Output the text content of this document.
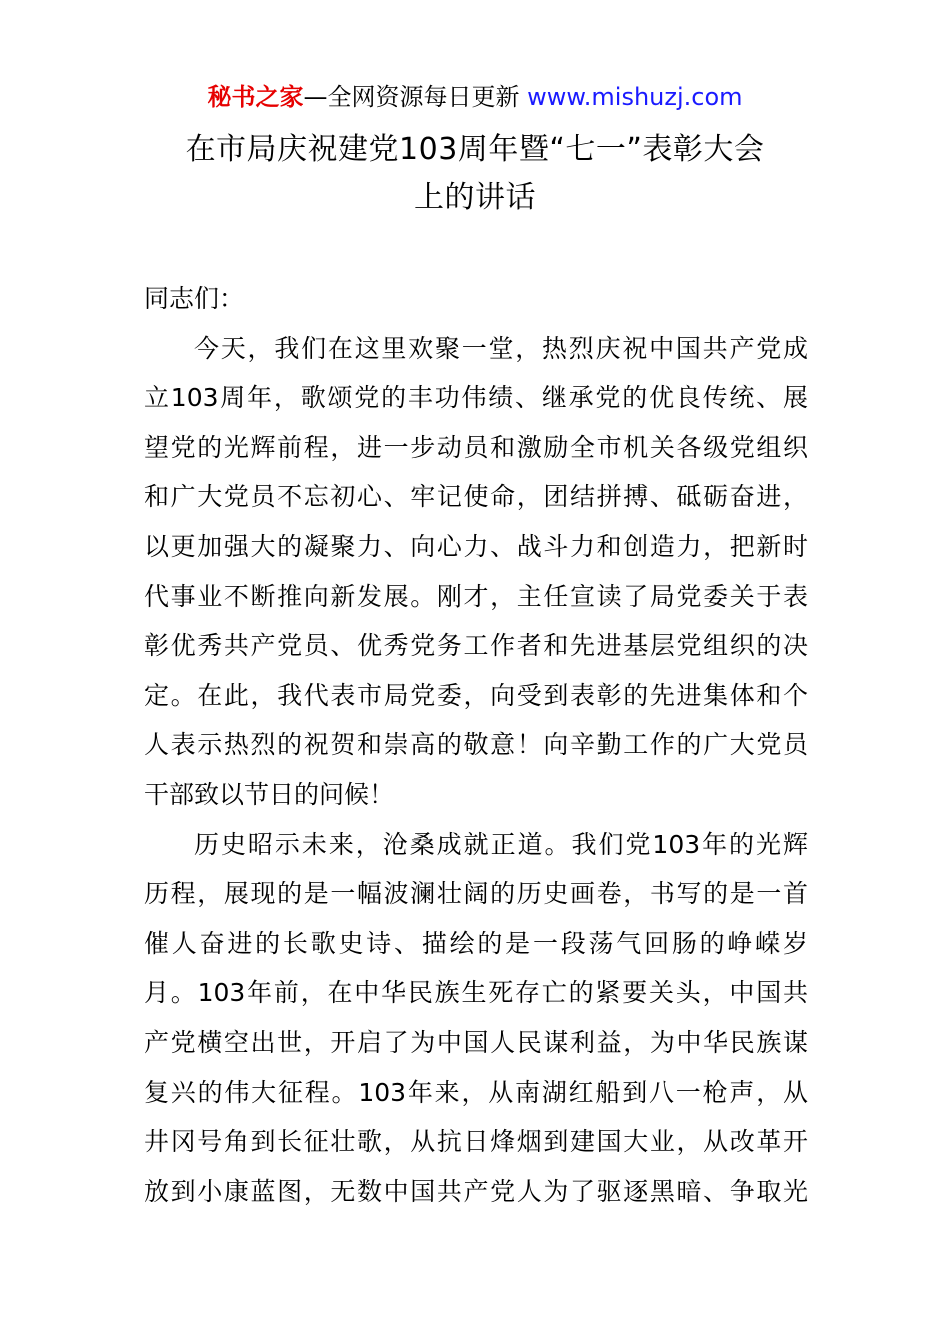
秘书之家—全网资源每日更新 www.mishuzj.com
在市局庆祝建党103周年暨“七一”表彰大会
上的讲话
同志们：
今天，我们在这里欢聚一堂，热烈庆祝中国共产党成
立103周年，歌颂党的丰功伟绩、继承党的优良传统、展
望党的光辉前程，进一步动员和激励全市机关各级党组织
和广大党员不忘初心、牢记使命，团结拼搏、砥砺奋进，
以更加强大的凝聚力、向心力、战斗力和创造力，把新时
代事业不断推向新发展。刚才，主任宣读了局党委关于表
彰优秀共产党员、优秀党务工作者和先进基层党组织的决
定。在此，我代表市局党委，向受到表彰的先进集体和个
人表示热烈的祝贺和崇高的敬意！向辛勤工作的广大党员
干部致以节日的问候！
历史昭示未来，沧桑成就正道。我们党103年的光辉
历程，展现的是一幅波澜壮阔的历史画卷，书写的是一首
催人奋进的长歌史诗、描绘的是一段荡气回肠的峥嵘岁
月。103年前，在中华民族生死存亡的紧要关头，中国共
产党横空出世，开启了为中国人民谋利益，为中华民族谋
复兴的伟大征程。103年来，从南湖红船到八一枪声，从
井冈号角到长征壮歌，从抗日烽烟到建国大业，从改革开
放到小康蓝图，无数中国共产党人为了驱逐黑暗、争取光
